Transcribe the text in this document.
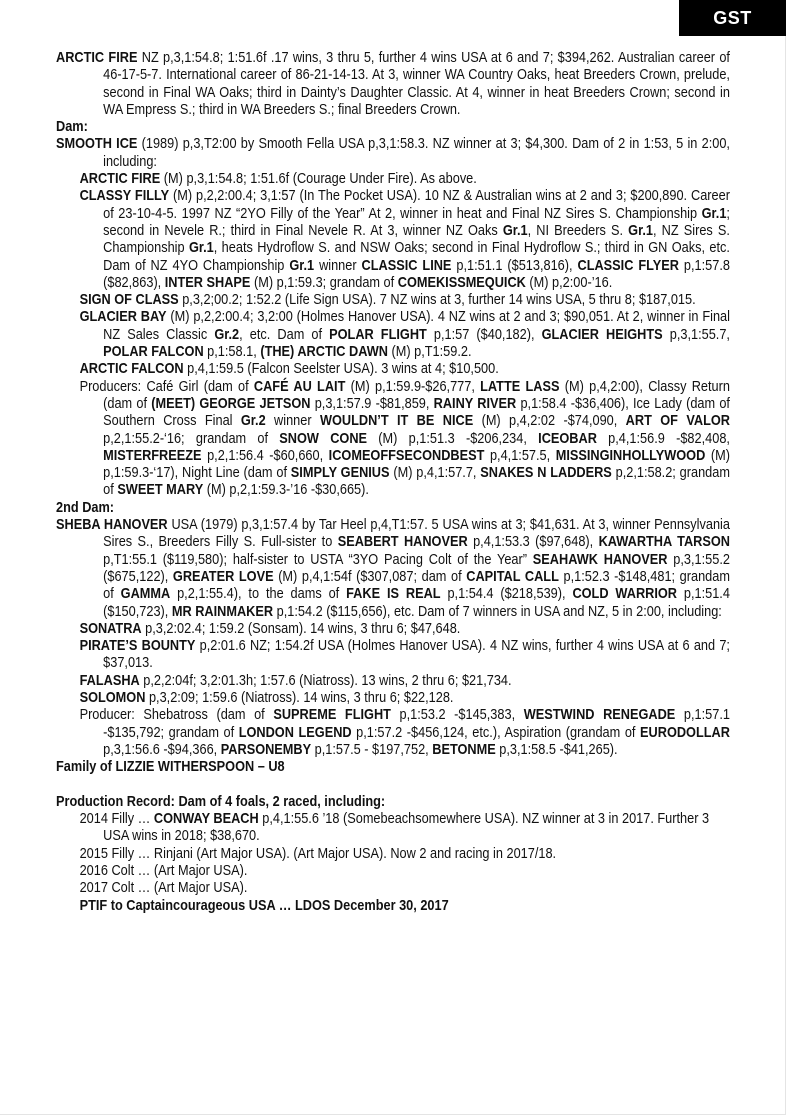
GST

ARCTIC FIRE NZ p,3,1:54.8; 1:51.6f .17 wins, 3 thru 5, further 4 wins USA at 6 and 7; $394,262. Australian career of 46-17-5-7. International career of 86-21-14-13. At 3, winner WA Country Oaks, heat Breeders Crown, prelude, second in Final WA Oaks; third in Dainty’s Daughter Classic. At 4, winner in heat Breeders Crown; second in WA Empress S.; third in WA Breeders S.; final Breeders Crown.

Dam:

SMOOTH ICE (1989) p,3,T2:00 by Smooth Fella USA p,3,1:58.3. NZ winner at 3; $4,300. Dam of 2 in 1:53, 5 in 2:00, including:

ARCTIC FIRE (M) p,3,1:54.8; 1:51.6f (Courage Under Fire). As above.

CLASSY FILLY (M) p,2,2:00.4; 3,1:57 (In The Pocket USA). 10 NZ & Australian wins at 2 and 3; $200,890. Career of 23-10-4-5. 1997 NZ “2YO Filly of the Year” At 2, winner in heat and Final NZ Sires S. Championship Gr.1; second in Nevele R.; third in Final Nevele R. At 3, winner NZ Oaks Gr.1, NI Breeders S. Gr.1, NZ Sires S. Championship Gr.1, heats Hydroflow S. and NSW Oaks; second in Final Hydroflow S.; third in GN Oaks, etc. Dam of NZ 4YO Championship Gr.1 winner CLASSIC LINE p,1:51.1 ($513,816), CLASSIC FLYER p,1:57.8 ($82,863), INTER SHAPE (M) p,1:59.3; grandam of COMEKISSMEQUICK (M) p,2:00-’16.

SIGN OF CLASS p,3,2;00.2; 1:52.2 (Life Sign USA). 7 NZ wins at 3, further 14 wins USA, 5 thru 8; $187,015.

GLACIER BAY (M) p,2,2:00.4; 3,2:00 (Holmes Hanover USA). 4 NZ wins at 2 and 3; $90,051. At 2, winner in Final NZ Sales Classic Gr.2, etc. Dam of POLAR FLIGHT p,1:57 ($40,182), GLACIER HEIGHTS p,3,1:55.7, POLAR FALCON p,1:58.1, (THE) ARCTIC DAWN (M) p,T1:59.2.

ARCTIC FALCON p,4,1:59.5 (Falcon Seelster USA). 3 wins at 4; $10,500.

Producers: Café Girl (dam of CAFÉ AU LAIT (M) p,1:59.9-$26,777, LATTE LASS (M) p,4,2:00), Classy Return (dam of (MEET) GEORGE JETSON p,3,1:57.9 -$81,859, RAINY RIVER p,1:58.4 -$36,406), Ice Lady (dam of Southern Cross Final Gr.2 winner WOULDN’T IT BE NICE (M) p,4,2:02 -$74,090, ART OF VALOR p,2,1:55.2-‘16; grandam of SNOW CONE (M) p,1:51.3 -$206,234, ICEOBAR p,4,1:56.9 -$82,408, MISTERFREEZE p,2,1:56.4 -$60,660, ICOMEOFFSECONDBEST p,4,1:57.5, MISSINGINHOLLYWOOD (M) p,1:59.3-‘17), Night Line (dam of SIMPLY GENIUS (M) p,4,1:57.7, SNAKES N LADDERS p,2,1:58.2; grandam of SWEET MARY (M) p,2,1:59.3-’16 -$30,665).

2nd Dam:

SHEBA HANOVER USA (1979) p,3,1:57.4 by Tar Heel p,4,T1:57. 5 USA wins at 3; $41,631. At 3, winner Pennsylvania Sires S., Breeders Filly S. Full-sister to SEABERT HANOVER p,4,1:53.3 ($97,648), KAWARTHA TARSON p,T1:55.1 ($119,580); half-sister to USTA “3YO Pacing Colt of the Year” SEAHAWK HANOVER p,3,1:55.2 ($675,122), GREATER LOVE (M) p,4,1:54f ($307,087; dam of CAPITAL CALL p,1:52.3 -$148,481; grandam of GAMMA p,2,1:55.4), to the dams of FAKE IS REAL p,1:54.4 ($218,539), COLD WARRIOR p,1:51.4 ($150,723), MR RAINMAKER p,1:54.2 ($115,656), etc. Dam of 7 winners in USA and NZ, 5 in 2:00, including:

SONATRA p,3,2:02.4; 1:59.2 (Sonsam). 14 wins, 3 thru 6; $47,648.

PIRATE’S BOUNTY p,2:01.6 NZ; 1:54.2f USA (Holmes Hanover USA). 4 NZ wins, further 4 wins USA at 6 and 7; $37,013.

FALASHA p,2,2:04f; 3,2:01.3h; 1:57.6 (Niatross). 13 wins, 2 thru 6; $21,734.

SOLOMON p,3,2:09; 1:59.6 (Niatross). 14 wins, 3 thru 6; $22,128.

Producer: Shebatross (dam of SUPREME FLIGHT p,1:53.2 -$145,383, WESTWIND RENEGADE p,1:57.1 -$135,792; grandam of LONDON LEGEND p,1:57.2 -$456,124, etc.), Aspiration (grandam of EURODOLLAR p,3,1:56.6 -$94,366, PARSONEMBY p,1:57.5 - $197,752, BETONME p,3,1:58.5 -$41,265).

Family of LIZZIE WITHERSPOON – U8

Production Record: Dam of 4 foals, 2 raced, including:

2014 Filly … CONWAY BEACH p,4,1:55.6 ’18 (Somebeachsomewhere USA). NZ winner at 3 in 2017. Further 3 USA wins in 2018; $38,670.

2015 Filly … Rinjani (Art Major USA). (Art Major USA). Now 2 and racing in 2017/18.

2016 Colt … (Art Major USA).

2017 Colt … (Art Major USA).

PTIF to Captaincourageous USA … LDOS December 30, 2017
